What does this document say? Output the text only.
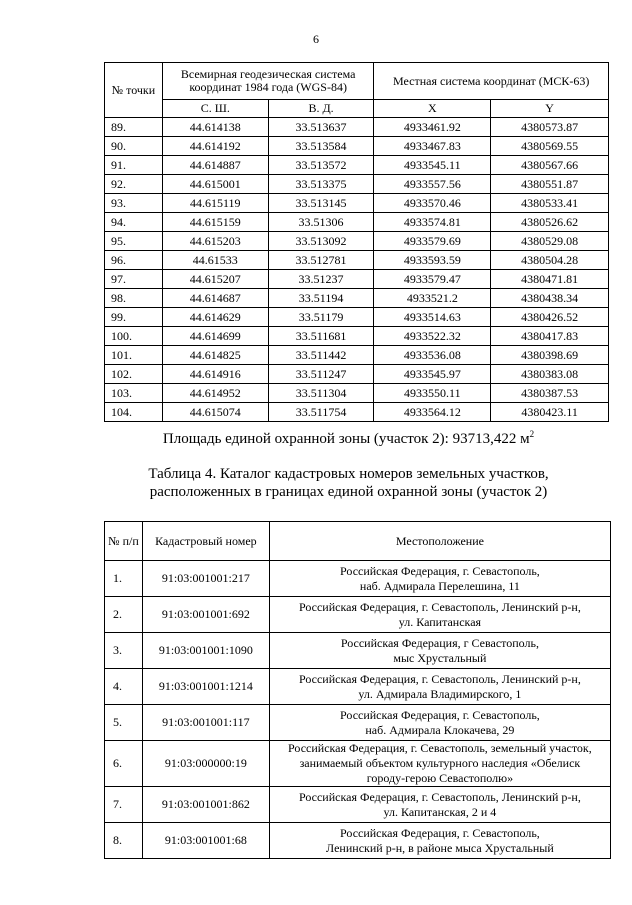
6
№ точки	Всемирная геодезическая система координат 1984 года (WGS-84)		Местная система координат (МСК-63)	
	С. Ш.	В. Д.	X	Y
89.	44.614138	33.513637	4933461.92	4380573.87
90.	44.614192	33.513584	4933467.83	4380569.55
91.	44.614887	33.513572	4933545.11	4380567.66
92.	44.615001	33.513375	4933557.56	4380551.87
93.	44.615119	33.513145	4933570.46	4380533.41
94.	44.615159	33.51306	4933574.81	4380526.62
95.	44.615203	33.513092	4933579.69	4380529.08
96.	44.61533	33.512781	4933593.59	4380504.28
97.	44.615207	33.51237	4933579.47	4380471.81
98.	44.614687	33.51194	4933521.2	4380438.34
99.	44.614629	33.51179	4933514.63	4380426.52
100.	44.614699	33.511681	4933522.32	4380417.83
101.	44.614825	33.511442	4933536.08	4380398.69
102.	44.614916	33.511247	4933545.97	4380383.08
103.	44.614952	33.511304	4933550.11	4380387.53
104.	44.615074	33.511754	4933564.12	4380423.11
Площадь единой охранной зоны (участок 2): 93713,422 $м^2$
Таблица 4. Каталог кадастровых номеров земельных участков,
расположенных в границах единой охранной зоны (участок 2)
№ п/п	Кадастровый номер	Местоположение
1.	91:03:001001:217	Российская Федерация, г. Севастополь,
наб. Адмирала Перелешина, 11

2.	91:03:001001:692	Российская Федерация, г. Севастополь, Ленинский р-н,
ул. Капитанская

3.	91:03:001001:1090	Российская Федерация, г Севастополь,
мыс Хрустальный

4.	91:03:001001:1214	Российская Федерация, г. Севастополь, Ленинский р-н,
ул. Адмирала Владимирского, 1

5.	91:03:001001:117	Российская Федерация, г. Севастополь,
наб. Адмирала Клокачева, 29

6.	91:03:000000:19	Российская Федерация, г. Севастополь, земельный участок,
занимаемый объектом культурного наследия «Обелиск
городу-герою Севастополю»

7.	91:03:001001:862	Российская Федерация, г. Севастополь, Ленинский р-н,
ул. Капитанская, 2 и 4

8.	91:03:001001:68	Российская Федерация, г. Севастополь,
Ленинский р-н, в районе мыса Хрустальный
